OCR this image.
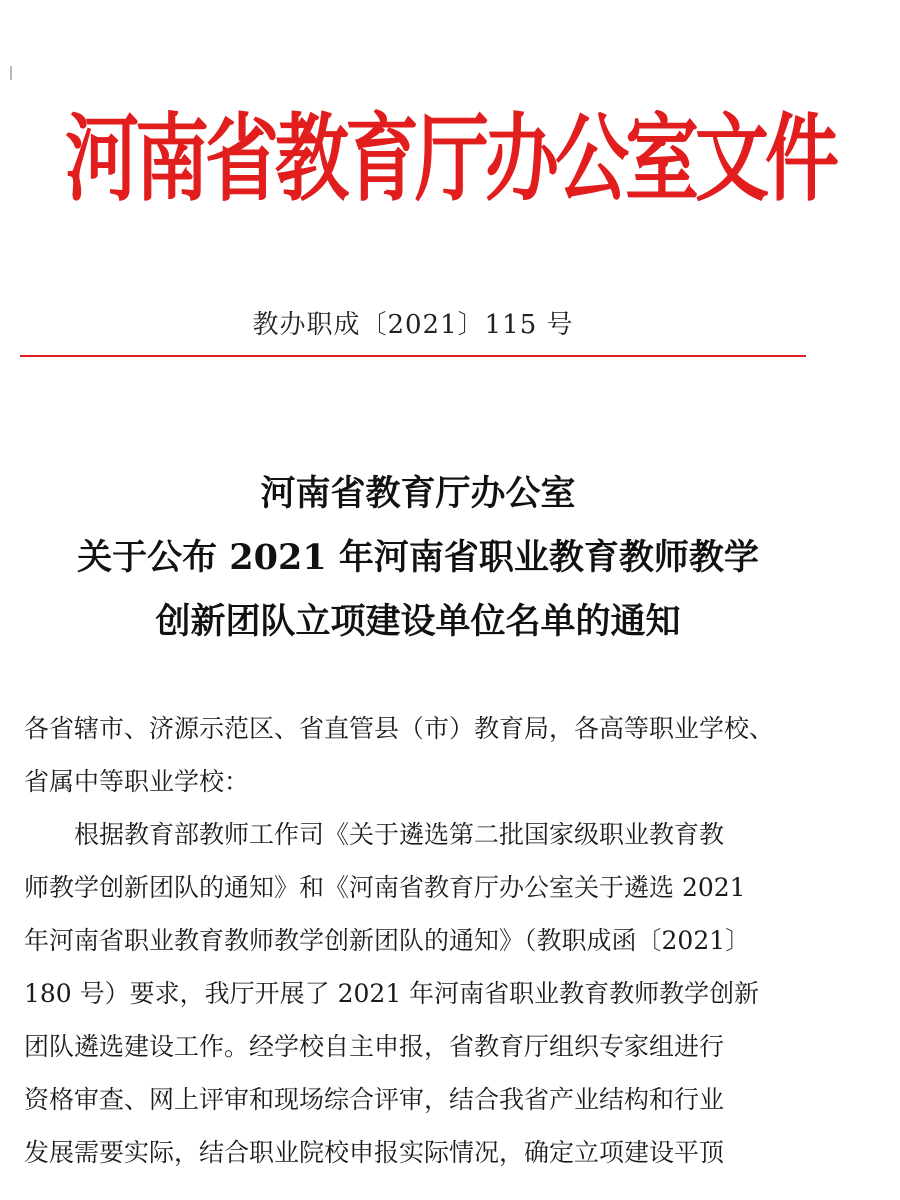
河南省教育厅办公室文件
教办职成〔2021〕115 号
河南省教育厅办公室
关于公布 2021 年河南省职业教育教师教学
创新团队立项建设单位名单的通知

各省辖市、济源示范区、省直管县（市）教育局，各高等职业学校、

省属中等职业学校：

根据教育部教师工作司《关于遴选第二批国家级职业教育教

师教学创新团队的通知》和《河南省教育厅办公室关于遴选 2021

年河南省职业教育教师教学创新团队的通知》（教职成函〔2021〕

180 号）要求，我厅开展了 2021 年河南省职业教育教师教学创新

团队遴选建设工作。经学校自主申报，省教育厅组织专家组进行

资格审查、网上评审和现场综合评审，结合我省产业结构和行业

发展需要实际，结合职业院校申报实际情况，确定立项建设平顶
